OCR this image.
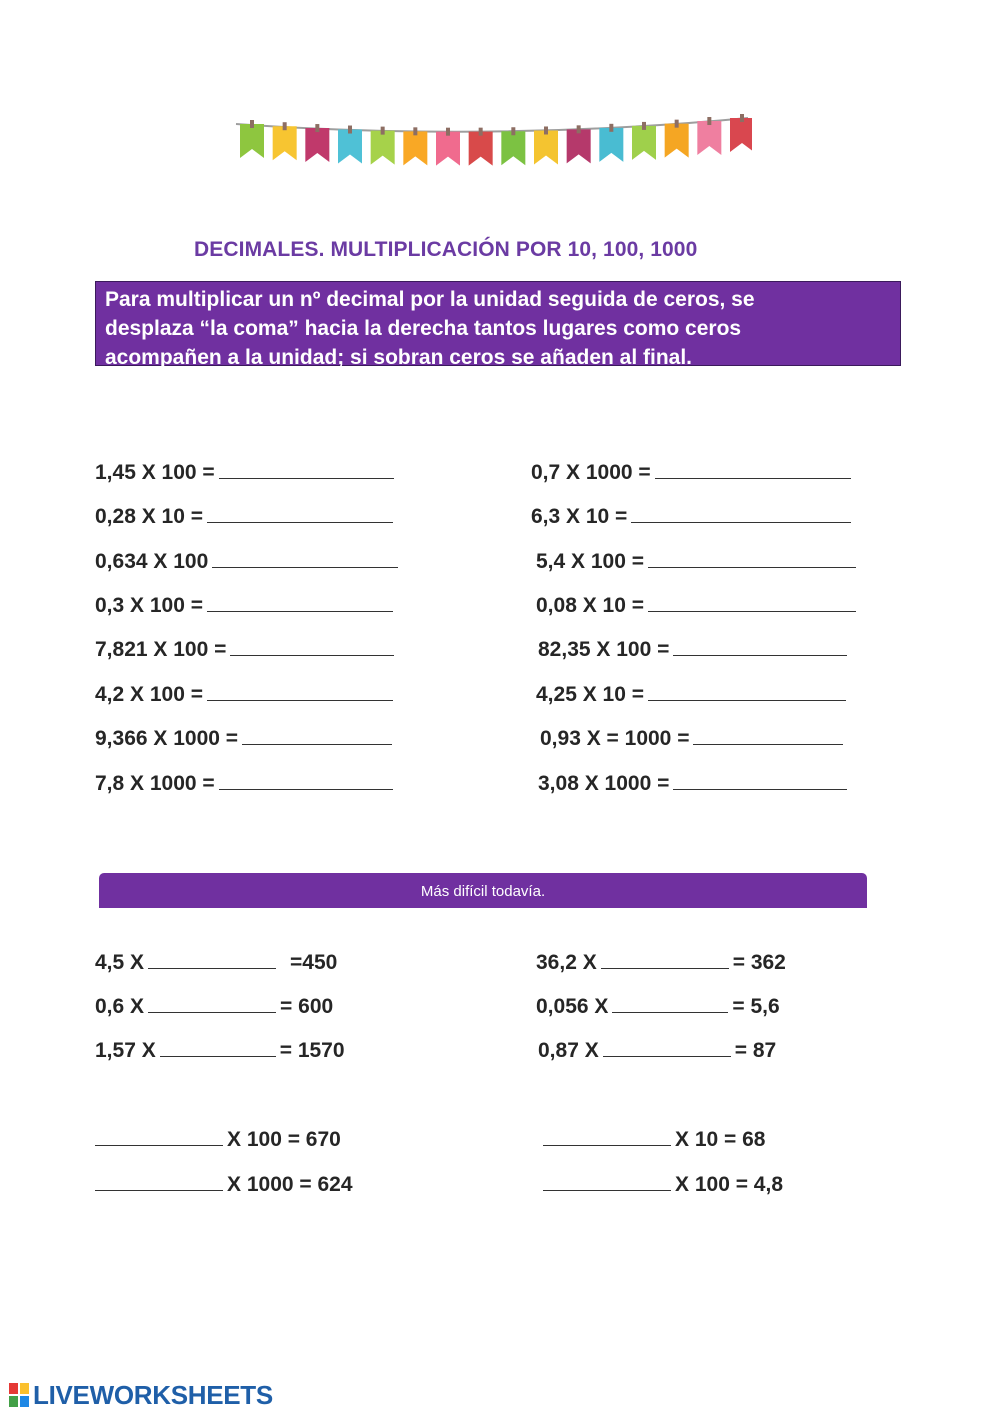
DECIMALES. MULTIPLICACIÓN POR 10, 100, 1000
Para multiplicar un nº decimal por la unidad seguida de ceros, se
desplaza “la coma” hacia la derecha tantos lugares como ceros
acompañen a la unidad; si sobran ceros se añaden al final.
1,45 X 100 =
0,28 X 10 =
0,634 X 100
0,3 X 100 =
7,821 X 100 =
4,2 X 100 =
9,366 X 1000 =
7,8 X 1000 =
0,7 X 1000 =
6,3 X 10 =
5,4 X 100 =
0,08 X 10 =
82,35 X 100 =
4,25 X 10 =
0,93 X = 1000 =
3,08 X 1000 =
Más difícil todavía.
4,5 X	=450
0,6 X	= 600
1,57 X	= 1570
36,2 X	= 362
0,056 X	= 5,6
0,87 X	= 87
X 100 = 670
X 1000 = 624
X 10 = 68
X 100 = 4,8
LIVEWORKSHEETS
